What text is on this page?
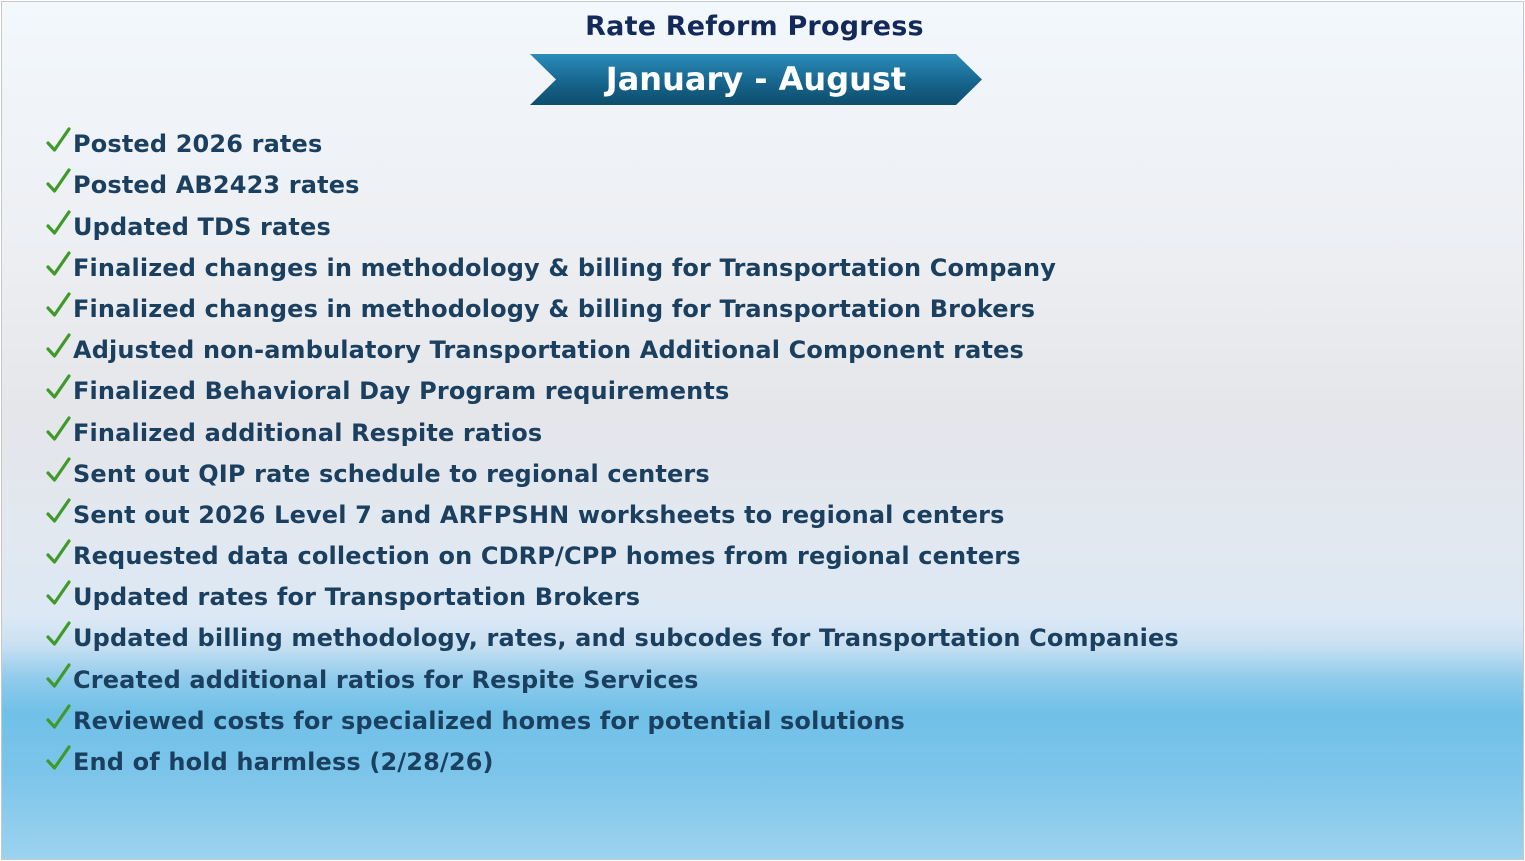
Rate Reform Progress
January - August
Posted 2026 rates
Posted AB2423 rates
Updated TDS rates
Finalized changes in methodology & billing for Transportation Company
Finalized changes in methodology & billing for Transportation Brokers
Adjusted non-ambulatory Transportation Additional Component rates
Finalized Behavioral Day Program requirements
Finalized additional Respite ratios
Sent out QIP rate schedule to regional centers
Sent out 2026 Level 7 and ARFPSHN worksheets to regional centers
Requested data collection on CDRP/CPP homes from regional centers
Updated rates for Transportation Brokers
Updated billing methodology, rates, and subcodes for Transportation Companies
Created additional ratios for Respite Services
Reviewed costs for specialized homes for potential solutions
End of hold harmless (2/28/26)
